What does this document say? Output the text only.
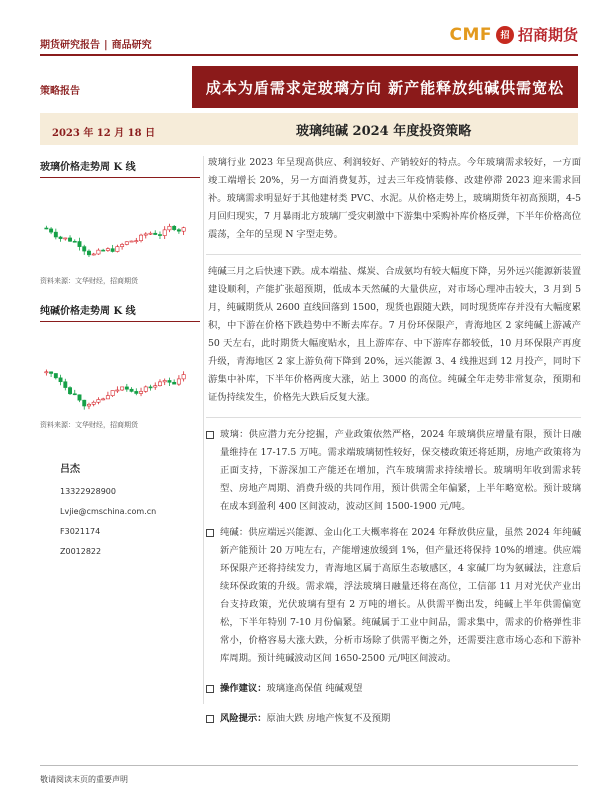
期货研究报告 | 商品研究
CMF 招 招商期货
策略报告	成本为盾需求定玻璃方向 新产能释放纯碱供需宽松
2023 年 12 月 18 日	玻璃纯碱 2024 年度投资策略
玻璃价格走势周 K 线
资料来源：文华财经，招商期货
纯碱价格走势周 K 线
资料来源：文华财经，招商期货
吕杰
13322928900
Lvjie@cmschina.com.cn
F3021174
Z0012822
玻璃行业 2023 年呈现高供应、利润较好、产销较好的特点。今年玻璃需求较好，一方面竣工端增长 20%，另一方面消费复苏，过去三年疫情装修、改建停滞 2023 迎来需求回补。玻璃需求明显好于其他建材类 PVC、水泥。从价格走势上，玻璃期货年初高预期，4-5 月回归现实，7 月暴雨北方玻璃厂受灾刺激中下游集中采购补库价格反弹，下半年价格高位震荡，全年的呈现 N 字型走势。
纯碱三月之后快速下跌。成本端盐、煤炭、合成氨均有较大幅度下降，另外远兴能源新装置建设顺利，产能扩张超预期，低成本天然碱的大量供应，对市场心理冲击较大，3 月到 5 月，纯碱期货从 2600 直线回落到 1500，现货也跟随大跌，同时现货库存并没有大幅度累积，中下游在价格下跌趋势中不断去库存。7 月份环保限产，青海地区 2 家纯碱上游减产 50 天左右，此时期货大幅度贴水，且上游库存、中下游库存都较低，10 月环保限产再度升级，青海地区 2 家上游负荷下降到 20%，远兴能源 3、4 线推迟到 12 月投产，同时下游集中补库，下半年价格两度大涨，站上 3000 的高位。纯碱全年走势非常复杂，预期和证伪持续发生，价格先大跌后反复大涨。
玻璃：供应潜力充分挖掘，产业政策依然严格，2024 年玻璃供应增量有限，预计日融量维持在 17-17.5 万吨。需求端玻璃韧性较好，保交楼政策还将延期，房地产政策将为正面支持，下游深加工产能还在增加，汽车玻璃需求持续增长。玻璃明年收到需求转型、房地产周期、消费升级的共同作用，预计供需全年偏紧，上半年略宽松。预计玻璃在成本到盈利 400 区间波动，波动区间 1500-1900 元/吨。
纯碱：供应端远兴能源、金山化工大概率将在 2024 年释放供应量，虽然 2024 年纯碱新产能预计 20 万吨左右，产能增速放缓到 1%，但产量还将保持 10%的增速。供应端环保限产还将持续发力，青海地区属于高原生态敏感区，4 家碱厂均为氨碱法，注意后续环保政策的升级。需求端，浮法玻璃日融量还将在高位，工信部 11 月对光伏产业出台支持政策，光伏玻璃有望有 2 万吨的增长。从供需平衡出发，纯碱上半年供需偏宽松，下半年特别 7-10 月份偏紧。纯碱属于工业中间品，需求集中，需求的价格弹性非常小，价格容易大涨大跌，分析市场除了供需平衡之外，还需要注意市场心态和下游补库周期。预计纯碱波动区间 1650-2500 元/吨区间波动。
操作建议：玻璃逢高保值 纯碱观望
风险提示：原油大跌 房地产恢复不及预期
敬请阅读末页的重要声明
